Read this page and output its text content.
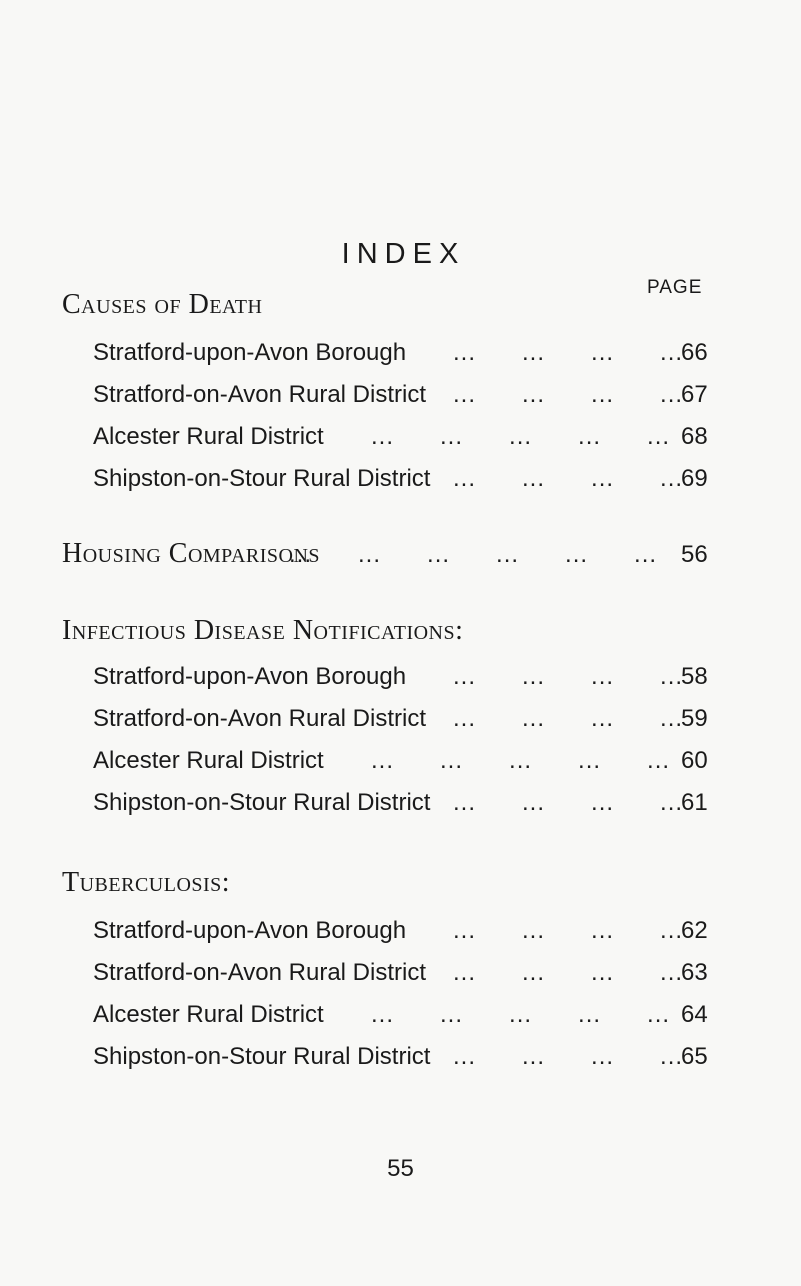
INDEX
PAGE
Causes of Death
Stratford-upon-Avon Borough ...      ...      ...      ...
66
Stratford-on-Avon Rural District ...      ...      ...      ...
67
Alcester Rural District ...      ...      ...      ...      ... 68
Shipston-on-Stour Rural District ...      ...      ...      ...
69
Housing Comparisons
...      ...      ...      ...      ...      ... 56
Infectious Disease Notifications:
Stratford-upon-Avon Borough ...      ...      ...      ...
58
Stratford-on-Avon Rural District ...      ...      ...      ...
59
Alcester Rural District ...      ...      ...      ...      ... 60
Shipston-on-Stour Rural District ...      ...      ...      ...
61
Tuberculosis:
Stratford-upon-Avon Borough ...      ...      ...      ...
62
Stratford-on-Avon Rural District ...      ...      ...      ...
63
Alcester Rural District ...      ...      ...      ...      ... 64
Shipston-on-Stour Rural District ...      ...      ...      ...
65
55
